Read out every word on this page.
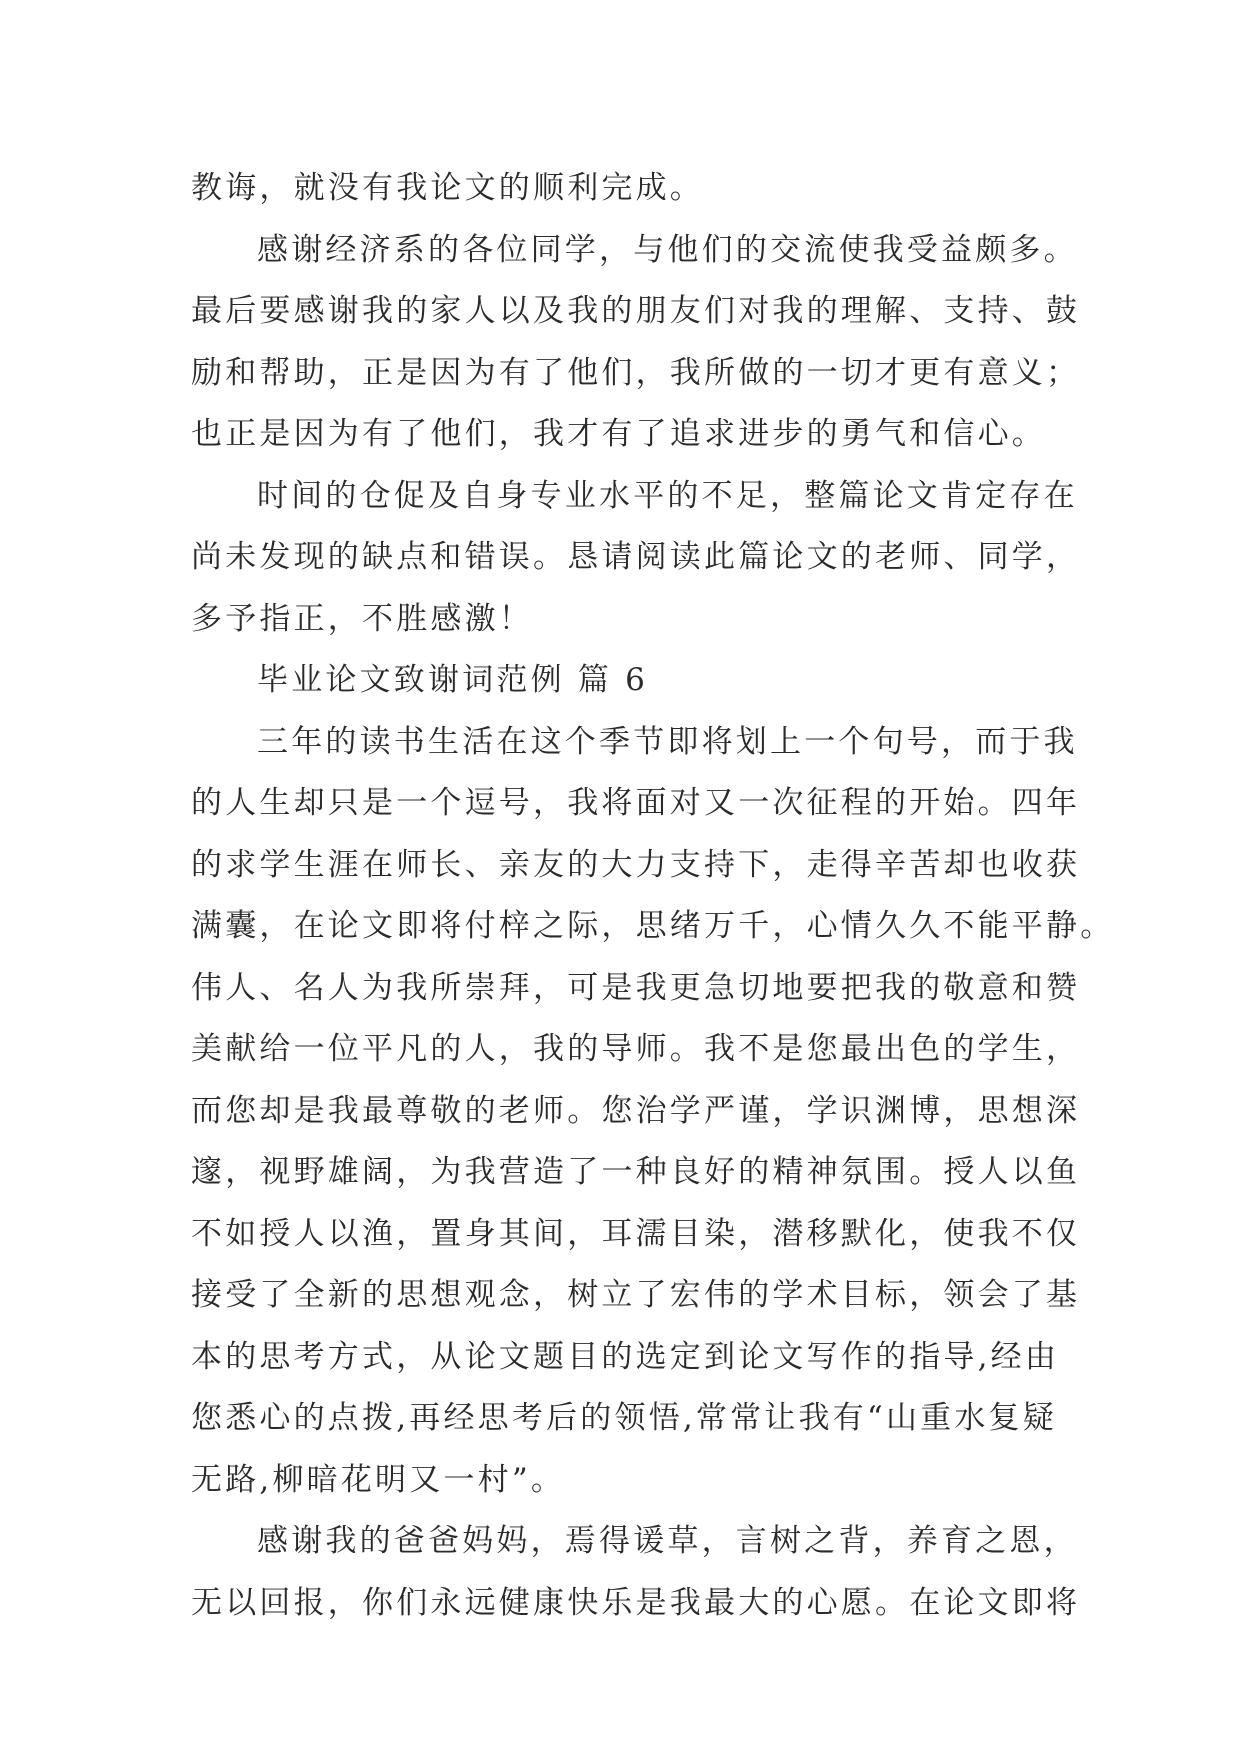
教诲，就没有我论文的顺利完成。
感谢经济系的各位同学，与他们的交流使我受益颇多。
最后要感谢我的家人以及我的朋友们对我的理解、支持、鼓
励和帮助，正是因为有了他们，我所做的一切才更有意义；
也正是因为有了他们，我才有了追求进步的勇气和信心。
时间的仓促及自身专业水平的不足，整篇论文肯定存在
尚未发现的缺点和错误。恳请阅读此篇论文的老师、同学，
多予指正，不胜感激！
毕业论文致谢词范例 篇 6
三年的读书生活在这个季节即将划上一个句号，而于我
的人生却只是一个逗号，我将面对又一次征程的开始。四年
的求学生涯在师长、亲友的大力支持下，走得辛苦却也收获
满囊，在论文即将付梓之际，思绪万千，心情久久不能平静。
伟人、名人为我所崇拜，可是我更急切地要把我的敬意和赞
美献给一位平凡的人，我的导师。我不是您最出色的学生，
而您却是我最尊敬的老师。您治学严谨，学识渊博，思想深
邃，视野雄阔，为我营造了一种良好的精神氛围。授人以鱼
不如授人以渔，置身其间，耳濡目染，潜移默化，使我不仅
接受了全新的思想观念，树立了宏伟的学术目标，领会了基
本的思考方式，从论文题目的选定到论文写作的指导,经由
您悉心的点拨,再经思考后的领悟,常常让我有“山重水复疑
无路,柳暗花明又一村”。
感谢我的爸爸妈妈，焉得谖草，言树之背，养育之恩，
无以回报，你们永远健康快乐是我最大的心愿。在论文即将
